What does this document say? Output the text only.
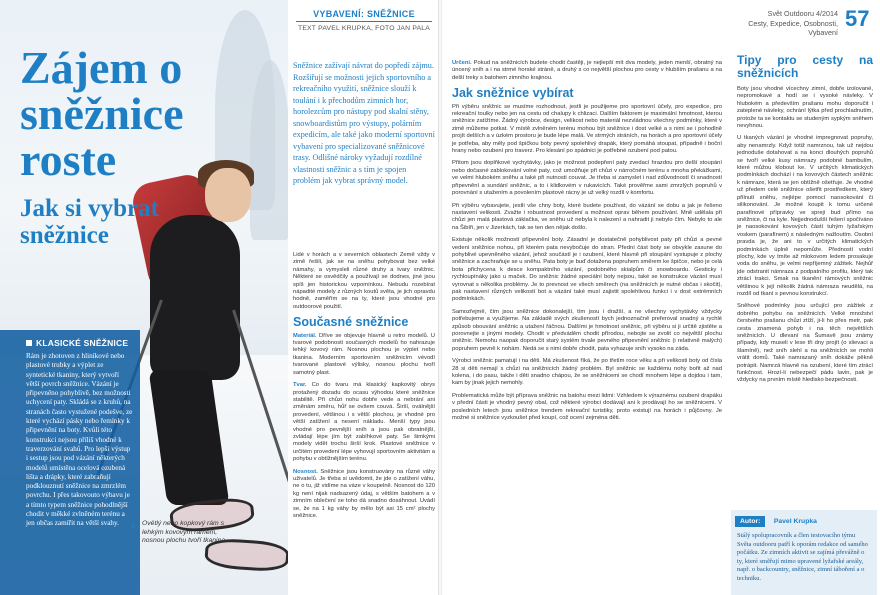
Zájem o sněžnice roste
Jak si vybrat sněžnice
KLASICKÉ SNĚŽNICE

Rám je zhotoven z hliníkové nebo plastové trubky a výplet ze syntetické tkaniny, který vytvoří větší povrch sněžnice. Vázání je připevněno pohyblivě, bez možnosti uchycení paty. Skládá se z kruhů, na stranách často vystužené podešve, ze které vychází pásky nebo řemínky k připevnění na boty. Kvůli této konstrukci nejsou příliš vhodné k traverzování svahů. Pro lepší výstup i sestup jsou pod vázání některých modelů umístěna ocelová ozubená lišta a drápky, které zabraňují podklouznutí sněžnice na zmrzlém povrchu. I přes takovouto výbavu je a tímto typem sněžnice pohodlnější chodit v měkké zvlněném terénu a jen občas zamířit na větší svahy.	▸ Ovětlý nebo kopkový rám s lehkým kovovým rámem, nosnou plochu tvoří tkanina.
VYBAVENÍ: SNĚŽNICE
TEXT PAVEL KRUPKA, FOTO JAN PALA
Sněžnice zažívají návrat do popředí zájmu. Rozšiřují se možnosti jejich sportovního a rekreačního využití, sněžnice slouží k toulání i k přechodům zimních hor, horolezcům pro nástupy pod skalní stěny, snowboardistům pro výstupy, polárním expedicím, ale také jako moderní sportovní vybavení pro specializované sněžnicové trasy. Odlišné nároky vyžadují rozdílné vlastnosti sněžnic a s tím je spojen problém jak vybrat správný model.

Lidé v horách a v severních oblastech Země vždy v zimě řešili, jak se na sněhu pohybovat bez velké námahy, a vymysleli různé druhy a tvary sněžnic. Některé se osvědčily a používají se dodnes, jiné jsou spíš jen historickou vzpomínkou. Nebudu rozebírat nápadité modely z různých koutů světa, je jich opravdu hodně, zaměřím se na ty, které jsou vhodné pro outdoorové použití.

Současné sněžnice

Materiál. Dříve se objevuje hlavně u retro modelů. U tvarové podobnosti současných modelů ho nahrazuje lehký kovový rám. Nosnou plochou je výplet nebo tkanina. Moderním sportovním sněžnicím vévodí tvarované plastové výlisky, nosnou plochu tvoří samotný plast.

Tvar. Co do tvaru má klasický kapkovitý obrys protažený dozadu do ocasu výhodou které sněžnice stabilitě. Při chůzi nohu dobře vede a nebrání ani změnám směru, hůř se ovšem couvá. Širší, oválnější provedení, většinou i s větší plochou, je vhodné pro větší zatížení a nesení nákladu. Menší typy jsou vhodné pro pevnější sníh a jsou pak obratnější, zvládají lépe jím být zabíhkové paty. Se šimkými modely vidět trochu širší krok. Plastové sněžnice v určitém provedení lépe vyhovují sportovním aktivitám a pohybu v obtížnějším terénu.

Nosnost. Sněžnice jsou konstruovány na různé váhy uživatelů. Je třeba si uvědomit, že jde o zatížení váhu, ne o tu, již vidíme na váze v koupelně. Nosnost do 120 kg není nijak nadsazený údaj, s větším batohem a v zimním oblečení se toho dá snadno dosáhnout. Uvádí se, že na 1 kg váhy by mělo být asi 15 cm² plochy sněžnice.

Svět Outdooru 4/2014
Cesty, Expedice, Osobnosti, Vybavení
57

Určení. Pokud na sněžnicích budete chodit častěji, je nejlepší mít dva modely, jeden menší, obratný na únosný sníh a i na strmé horské stráně, a druhý s co největší plochou pro cesty v hlubším prašanu a na delší treky s batohem zimního krajinou.

Jak sněžnice vybírat

Při výběru sněžnic se musíme rozhodnout, jestli je použijeme pro sportovní účely, pro expedice, pro rekreační toulky nebo jen na cestu od chalupy k chlizaci. Dalším faktorem je maximální hmotnost, kterou sněžnice zatížíme. Žádný výrobce, design, velikost nebo materiál nezvládnou všechny podmínky, které v zimě můžeme potkat. V místě zvlněném terénu mohou být sněžnice i dost velké a s nimi se i pohodlně projít delších a v úzkém prostoru je bude lépe malá. Ve strmých stráních, na horách a pro sportovní účely je potřeba, aby měly pod špičkou boty pevný spolehlivý drapák, který pomáhá stoupat, případně i boční hrany nebo ozubení pro traverz. Pro klesání po spádnici je potřebné ozubení pod patou.

Přitom jsou doplňkové vychytávky, jako je možnost podepření paty zvedací hrazdou pro delší stoupání nebo dočasné zablokování volné paty, což umožňuje při chůzi v nárročném terénu s mnoha překážkami, ve velmi hlubokém sněhu a také při nutnosti couvat. Je třeba si zamyslet i nad zdůvodností či snadností připevnění a sundání sněžnic, a to i klidkovém v rukavicích. Také prověřme sami zmrzlých popruhů v porovnání s utažením a povolením plastové rácny je už velký rozdíl v komfortu.

Při výběru vybavujete, jestli vše chny boty, které budete používat, do vázání se dobu a jak je řešeno nastavení velikosti. Zvažte i robustnost provedení a možnost oprav během používání. Mně udělala při chůzi jen malá plastová záklačka, ve sněhu už nebyla k nalezení a nahradit ji nebylo čím. Nebylo to ale na Šibíři, jen v Jizerkách, tak se ten den nějak došlo.

Existuje několik možností připevnění boty. Zásadní je dostatečně pohyblivost paty při chůzi a pevné vedení sněžnice nohou, při kterém pata nevybočuje do stran. Přední část boty se obvykle zasune do pohyblivé upevněného vázání, jehož součástí je i ozubení, které hlavně při stoupání vystupuje z plochy sněžnice a zachraňuje se u sněhu. Pata boty je buď dotažena popruhem směrem ke špičce, nebo je celá bota přichycena k desce kompaktního vázání, podobného skialpům či snowboardu. Gesticky i rychloupínáky jako u maček. Do sněžnic žádné speciální boty nejsou, také se konstrukce vázání musí vyrovnat s několika problémy. Je to prevnost ve všech směrech (na sněžnicích je nutné občas i skočit), pak nastavení různých velikostí bot a vázání také musí zajistit spolehlivou funkci i v dost extrémních podmínkách.

Samozřejmě, čím jsou sněžnice dokonalejší, tím jsou i dražší, a ne všechny vychytávky vždycky potřebujeme a využijeme. Na základě svých zkušeností bych jednoznačně preferoval snadný a rychlé způsob obouvání sněžnic a utažení řáčnou. Dalšími je hmotnost sněžnic, při výběru si ji určitě zjistěte a porovnejte s jinými modely. Chodit v předváděm chodit přírodou, nebojte se zvolit co největší plochu sněžnic. Nemohu naopak doporučit starý systém trvale pevného připevnění sněžnic (i relativně malých) popruhem pevně k nohám. Nedá se s nimi dobře chodit, pata vyhazuje sníh vysoko na záda.

Výrobci sněžnic pamatují i na děti. Má zkušenost říká, že po třetím roce věku a při velikosti boty od čísla 28 si děti nemají s chůzí na sněžnicích žádný problém. Byl sněžnic se každému nohy bořit až nad kolena, i do pasu, takže i děti snadno chápou, že se sněžnicemi se chodí mnohem lépe a dojdou i tam, kam by jinak jejich nemohly.

Problematická může být příprava sněžnic na batohu mezi lidmi: Vzhledem k výraznému ozubení drapáku v přední části je vhodný pevný obal, což některé výrobci dodávají ani k prodávají ho se sněžnicemi. V posledních letech jsou sněžnice trendem rekreační turistiky, proto existují na horách i půjčovny. Je možné si sněžnice vyzkoušet před koupí, což ocení zejména děti.

Tipy pro cesty na sněžnicích

Boty jsou vhodné vícechny zimní, dobře izolované, nepromokavé a hodí se i vysoké návleky. V hlubokém a především prašanu mohu doporučit i zateplené návleky, ochrání lýtka před prochladnutím, protože ta se kontaktu se studeným sypkým sněhem nevyhnou.

U tkaných vázání je vhodné impregnovat popruhy, aby nenamrzly. Když totiž namrznou, tak už nejdou jednoduše dotahovat a na konci dlouhých popruhů se tvoří velké kusy námrazy podobné bambulím, které můžou klobout ke. V určitých klimatických podmínkách dochází i na kovových částech sněžnic k námraze, která se jen obtížně ošetřuje. Je vhodné už předem celé sněžnice ošetřit prostředkem, který přilnutí sněhu, nejlépe pomocí naosokování či silikonování. Je možné koupit k tomu určené parafínové přípravky ve spreji bud přímo na sněžnice, či na kyle. Nejjednodušší řešení spočíváno je naosokování kovových částí tuhým lyžařským voskem (parafínem) s následným nažloutím. Osobní pravda je, že ani to v určitých klimatických podmínkách úplně nepomůže. Předností vodní plochy, kde vy tmíte až mlokovom ledem prosakuje voda do sněhu, je velmi nepříjemný zážitek. Nejhůř jde odstranit námraza z podpatního profilu, který tak ztrácí trakci. Smak na tkanění rámových sněžnic většinou k její několik žádná námraza neudělá, na rozdíl od tkaní s pevnou konstrukcí.

Sněhové podmínky jsou určující pro zážitek z dobrého pohybu na sněžnicích. Velké množství čerstvého prašanu chůzi ztíží, ji-li ho přes metr, pak cesta znamená pohyb i na těch největších sněžnicích. U dlevaní na Šumavě jsou známy případy, kdy museli v lese tři dny projít (o slievaci a šlamíně), než sníh slehl a na sněžnicích se mohli vrátit domů. Také namrazaný sníh dokáže pěkně potrápit. Namrzá hlavně na ozubení, které tím ztrácí funkčnost. Hrozí-li nebezpečí pádu lavin, pak je vždycky na prvním místě hledisko bezpečnosti.

Autor: Pavel Krupka
Stálý spolupracovník a člen testovacího týmu Světa outdooru patří k oporám redakce od samého počátku. Ze zimních aktivit se zajímá převážně o ty, které směřují mimo upravené lyžařské areály, např. o backcountry, sněžnice, zimní táboření a o techniku.
